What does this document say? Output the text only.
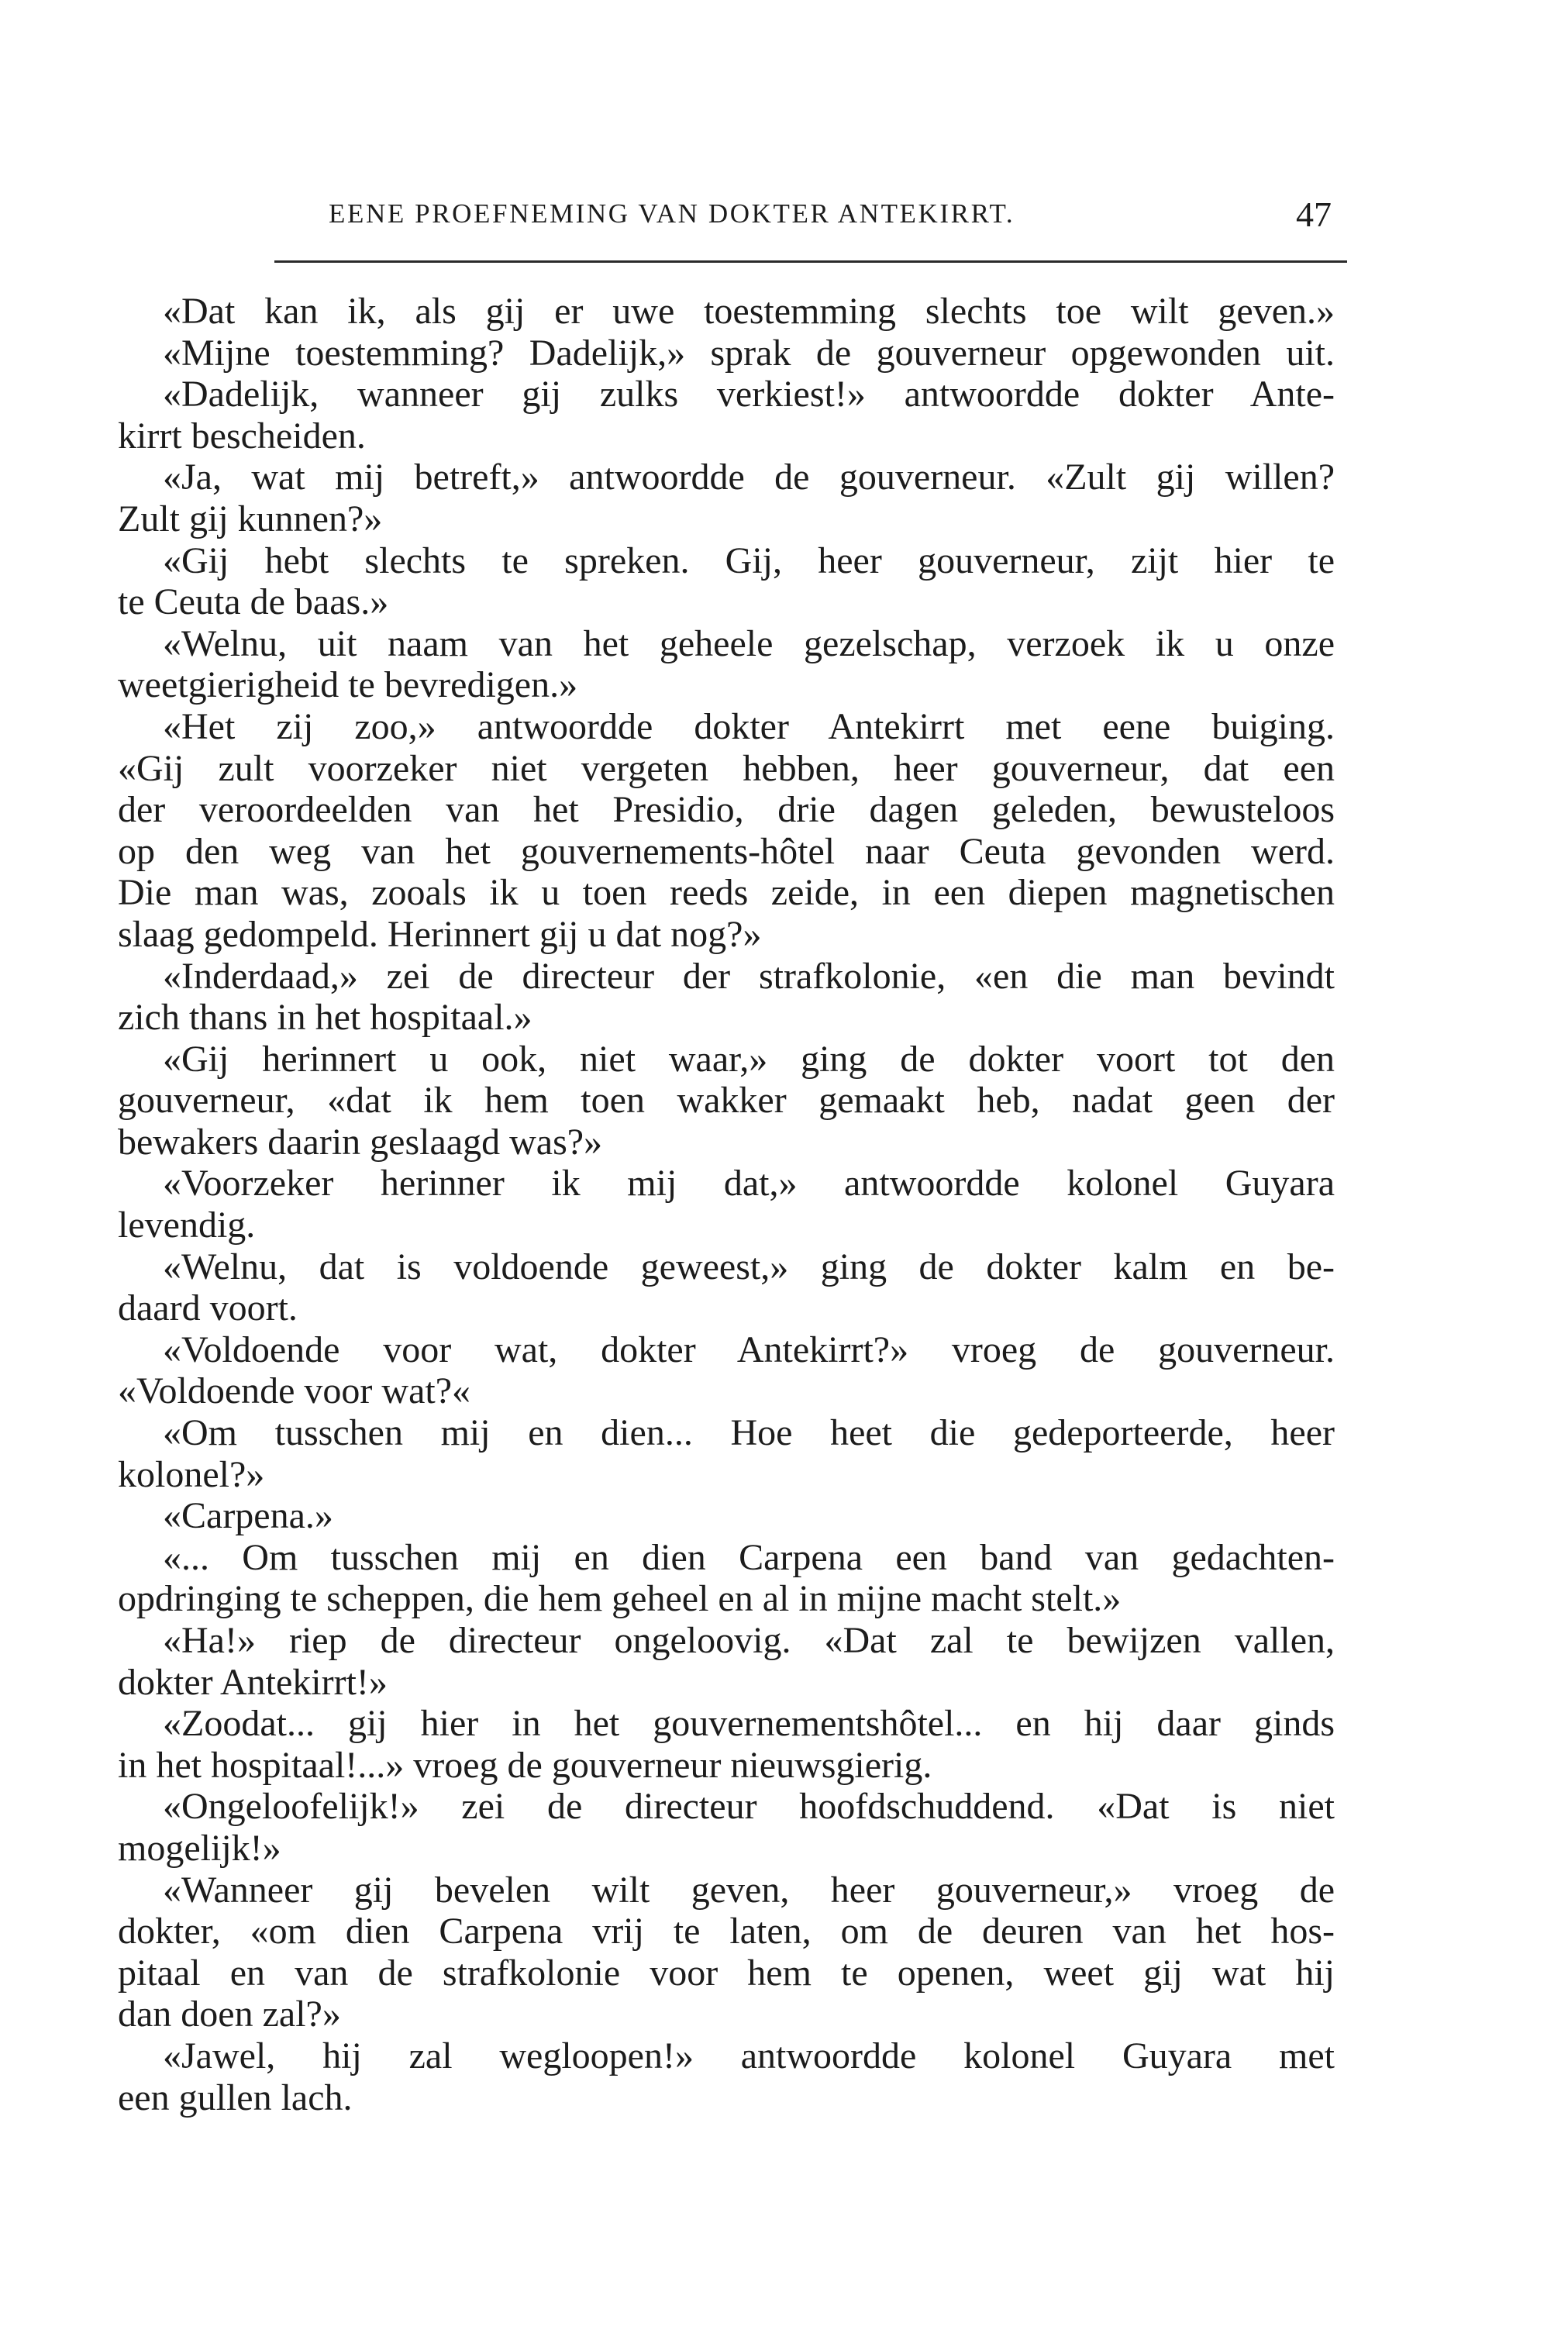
EENE PROEFNEMING VAN DOKTER ANTEKIRRT.	47
«Dat kan ik, als gij er uwe toestemming slechts toe wilt geven.»
«Mijne toestemming? Dadelijk,» sprak de gouverneur opgewonden uit.
«Dadelijk, wanneer gij zulks verkiest!» antwoordde dokter Ante-
kirrt bescheiden.
«Ja, wat mij betreft,» antwoordde de gouverneur. «Zult gij willen?
Zult gij kunnen?»
«Gij hebt slechts te spreken. Gij, heer gouverneur, zijt hier te
te Ceuta de baas.»
«Welnu, uit naam van het geheele gezelschap, verzoek ik u onze
weetgierigheid te bevredigen.»
«Het zij zoo,» antwoordde dokter Antekirrt met eene buiging.
«Gij zult voorzeker niet vergeten hebben, heer gouverneur, dat een
der veroordeelden van het Presidio, drie dagen geleden, bewusteloos
op den weg van het gouvernements-hôtel naar Ceuta gevonden werd.
Die man was, zooals ik u toen reeds zeide, in een diepen magnetischen
slaag gedompeld. Herinnert gij u dat nog?»
«Inderdaad,» zei de directeur der strafkolonie, «en die man bevindt
zich thans in het hospitaal.»
«Gij herinnert u ook, niet waar,» ging de dokter voort tot den
gouverneur, «dat ik hem toen wakker gemaakt heb, nadat geen der
bewakers daarin geslaagd was?»
«Voorzeker herinner ik mij dat,» antwoordde kolonel Guyara
levendig.
«Welnu, dat is voldoende geweest,» ging de dokter kalm en be-
daard voort.
«Voldoende voor wat, dokter Antekirrt?» vroeg de gouverneur.
«Voldoende voor wat?«
«Om tusschen mij en dien... Hoe heet die gedeporteerde, heer
kolonel?»
«Carpena.»
«... Om tusschen mij en dien Carpena een band van gedachten-
opdringing te scheppen, die hem geheel en al in mijne macht stelt.»
«Ha!» riep de directeur ongeloovig. «Dat zal te bewijzen vallen,
dokter Antekirrt!»
«Zoodat... gij hier in het gouvernementshôtel... en hij daar ginds
in het hospitaal!...» vroeg de gouverneur nieuwsgierig.
«Ongeloofelijk!» zei de directeur hoofdschuddend. «Dat is niet
mogelijk!»
«Wanneer gij bevelen wilt geven, heer gouverneur,» vroeg de
dokter, «om dien Carpena vrij te laten, om de deuren van het hos-
pitaal en van de strafkolonie voor hem te openen, weet gij wat hij
dan doen zal?»
«Jawel, hij zal wegloopen!» antwoordde kolonel Guyara met
een gullen lach.
